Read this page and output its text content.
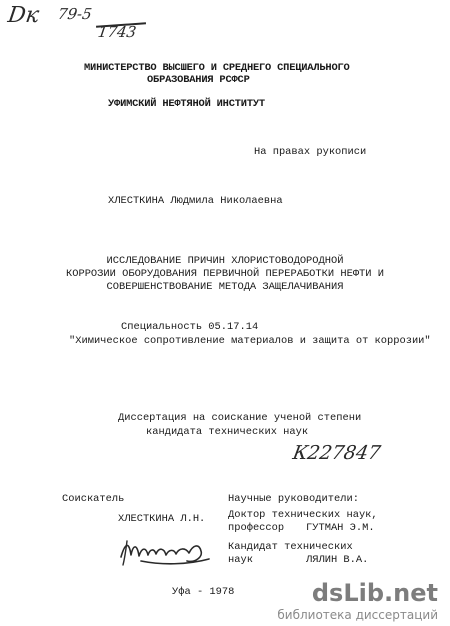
Dк 79-5
1743
МИНИСТЕРСТВО ВЫСШЕГО И СРЕДНЕГО СПЕЦИАЛЬНОГО
ОБРАЗОВАНИЯ РСФСР
УФИМСКИЙ НЕФТЯНОЙ ИНСТИТУТ
На правах рукописи
ХЛЕСТКИНА Людмила Николаевна
ИССЛЕДОВАНИЕ ПРИЧИН ХЛОРИСТОВОДОРОДНОЙ
КОРРОЗИИ ОБОРУДОВАНИЯ ПЕРВИЧНОЙ ПЕРЕРАБОТКИ НЕФТИ И
СОВЕРШЕНСТВОВАНИЕ МЕТОДА ЗАЩЕЛАЧИВАНИЯ
Специальность 05.17.14
"Химическое сопротивление материалов и защита от коррозии"
Диссертация на соискание ученой степени
кандидата технических наук
К227847
Соискатель
ХЛЕСТКИНА Л.Н.
Научные руководители:
Доктор технических наук,
профессор ГУТМАН Э.М.
Кандидат технических
наук	ЛЯЛИН В.А.
Уфа - 1978	dsLib.net
библиотека диссертаций
